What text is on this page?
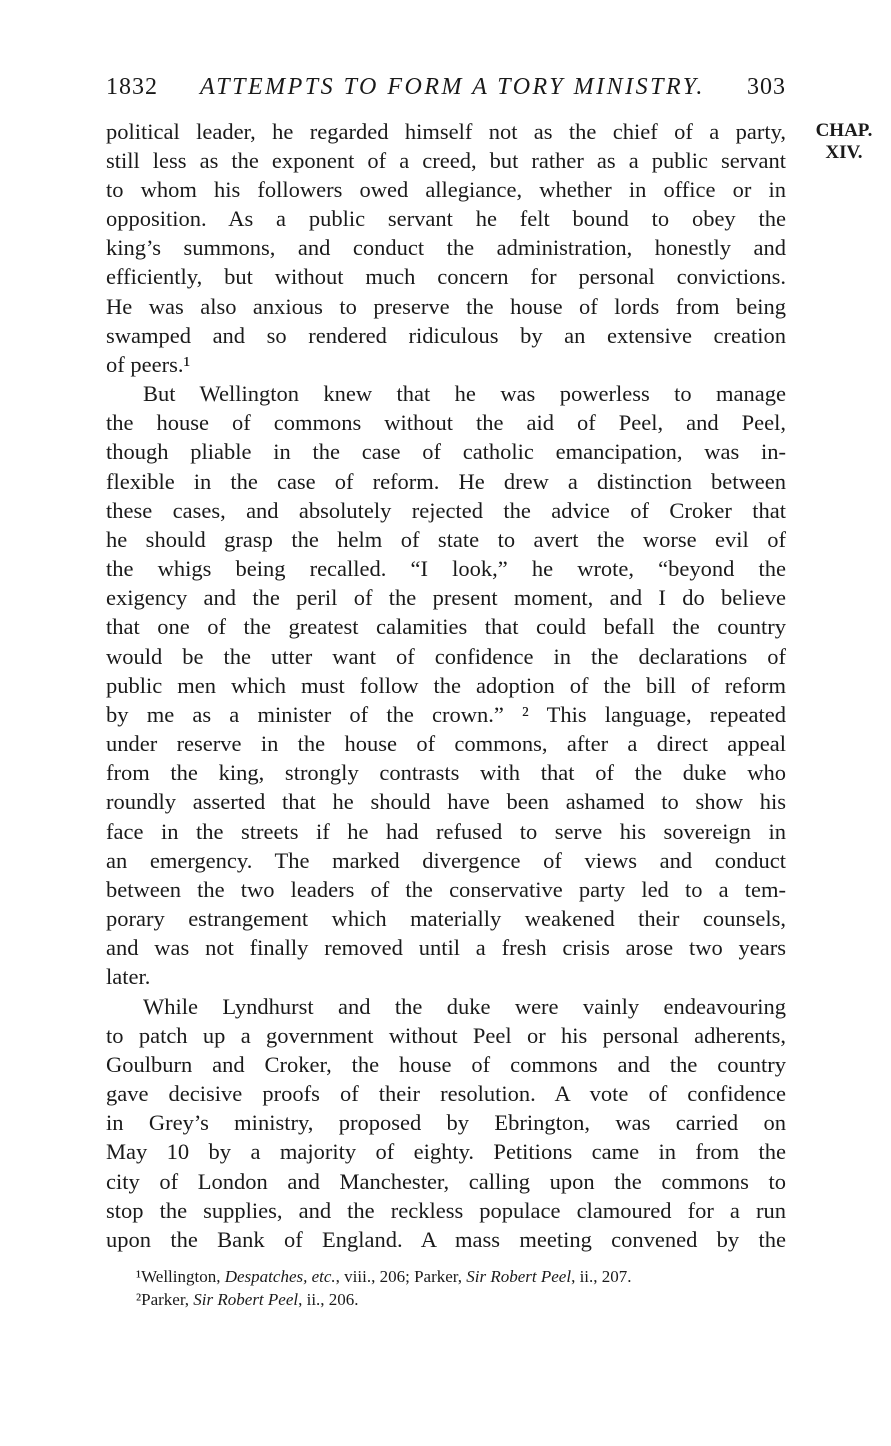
1832 ATTEMPTS TO FORM A TORY MINISTRY. 303
CHAP.
XIV.
political leader, he regarded himself not as the chief of a party,
still less as the exponent of a creed, but rather as a public servant
to whom his followers owed allegiance, whether in office or in
opposition. As a public servant he felt bound to obey the
king’s summons, and conduct the administration, honestly and
efficiently, but without much concern for personal convictions.
He was also anxious to preserve the house of lords from being
swamped and so rendered ridiculous by an extensive creation
of peers.¹
But Wellington knew that he was powerless to manage
the house of commons without the aid of Peel, and Peel,
though pliable in the case of catholic emancipation, was in-
flexible in the case of reform. He drew a distinction between
these cases, and absolutely rejected the advice of Croker that
he should grasp the helm of state to avert the worse evil of
the whigs being recalled. “I look,” he wrote, “beyond the
exigency and the peril of the present moment, and I do believe
that one of the greatest calamities that could befall the country
would be the utter want of confidence in the declarations of
public men which must follow the adoption of the bill of reform
by me as a minister of the crown.” ² This language, repeated
under reserve in the house of commons, after a direct appeal
from the king, strongly contrasts with that of the duke who
roundly asserted that he should have been ashamed to show his
face in the streets if he had refused to serve his sovereign in
an emergency. The marked divergence of views and conduct
between the two leaders of the conservative party led to a tem-
porary estrangement which materially weakened their counsels,
and was not finally removed until a fresh crisis arose two years
later.
While Lyndhurst and the duke were vainly endeavouring
to patch up a government without Peel or his personal adherents,
Goulburn and Croker, the house of commons and the country
gave decisive proofs of their resolution. A vote of confidence
in Grey’s ministry, proposed by Ebrington, was carried on
May 10 by a majority of eighty. Petitions came in from the
city of London and Manchester, calling upon the commons to
stop the supplies, and the reckless populace clamoured for a run
upon the Bank of England. A mass meeting convened by the
¹Wellington, Despatches, etc., viii., 206; Parker, Sir Robert Peel, ii., 207.
²Parker, Sir Robert Peel, ii., 206.
